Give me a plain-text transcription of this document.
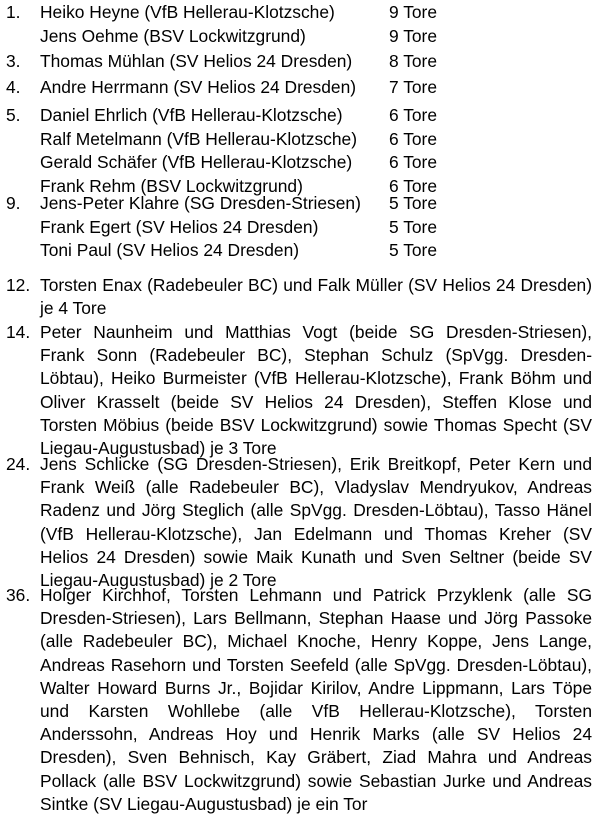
1. Heiko Heyne (VfB Hellerau-Klotzsche)	9 Tore
Jens Oehme (BSV Lockwitzgrund)	9 Tore
3. Thomas Mühlan (SV Helios 24 Dresden) 8 Tore
4. Andre Herrmann (SV Helios 24 Dresden) 7 Tore
5. Daniel Ehrlich (VfB Hellerau-Klotzsche)	6 Tore
Ralf Metelmann (VfB Hellerau-Klotzsche) 6 Tore
Gerald Schäfer (VfB Hellerau-Klotzsche) 6 Tore
Frank Rehm (BSV Lockwitzgrund)	6 Tore
9. Jens-Peter Klahre (SG Dresden-Striesen) 5 Tore
Frank Egert (SV Helios 24 Dresden)	5 Tore
Toni Paul (SV Helios 24 Dresden)	5 Tore
12. Torsten Enax (Radebeuler BC) und Falk Müller (SV Helios 24 Dresden) je 4 Tore
14. Peter Naunheim und Matthias Vogt (beide SG Dresden-Striesen), Frank Sonn (Radebeuler BC), Stephan Schulz (SpVgg. Dresden-Löbtau), Heiko Burmeister (VfB Hellerau-Klotzsche), Frank Böhm und Oliver Krasselt (beide SV Helios 24 Dresden), Steffen Klose und Torsten Möbius (beide BSV Lockwitzgrund) sowie Thomas Specht (SV Liegau-Augustusbad) je 3 Tore
24. Jens Schlicke (SG Dresden-Striesen), Erik Breitkopf, Peter Kern und Frank Weiß (alle Radebeuler BC), Vladyslav Mendryukov, Andreas Radenz und Jörg Steglich (alle SpVgg. Dresden-Löbtau), Tasso Hänel (VfB Hellerau-Klotzsche), Jan Edelmann und Thomas Kreher (SV Helios 24 Dresden) sowie Maik Kunath und Sven Seltner (beide SV Liegau-Augustusbad) je 2 Tore
36. Holger Kirchhof, Torsten Lehmann und Patrick Przyklenk (alle SG Dresden-Striesen), Lars Bellmann, Stephan Haase und Jörg Passoke (alle Radebeuler BC), Michael Knoche, Henry Koppe, Jens Lange, Andreas Rasehorn und Torsten Seefeld (alle SpVgg. Dresden-Löbtau), Walter Howard Burns Jr., Bojidar Kirilov, Andre Lippmann, Lars Töpe und Karsten Wohllebe (alle VfB Hellerau-Klotzsche), Torsten Anderssohn, Andreas Hoy und Henrik Marks (alle SV Helios 24 Dresden), Sven Behnisch, Kay Gräbert, Ziad Mahra und Andreas Pollack (alle BSV Lockwitzgrund) sowie Sebastian Jurke und Andreas Sintke (SV Liegau-Augustusbad) je ein Tor
